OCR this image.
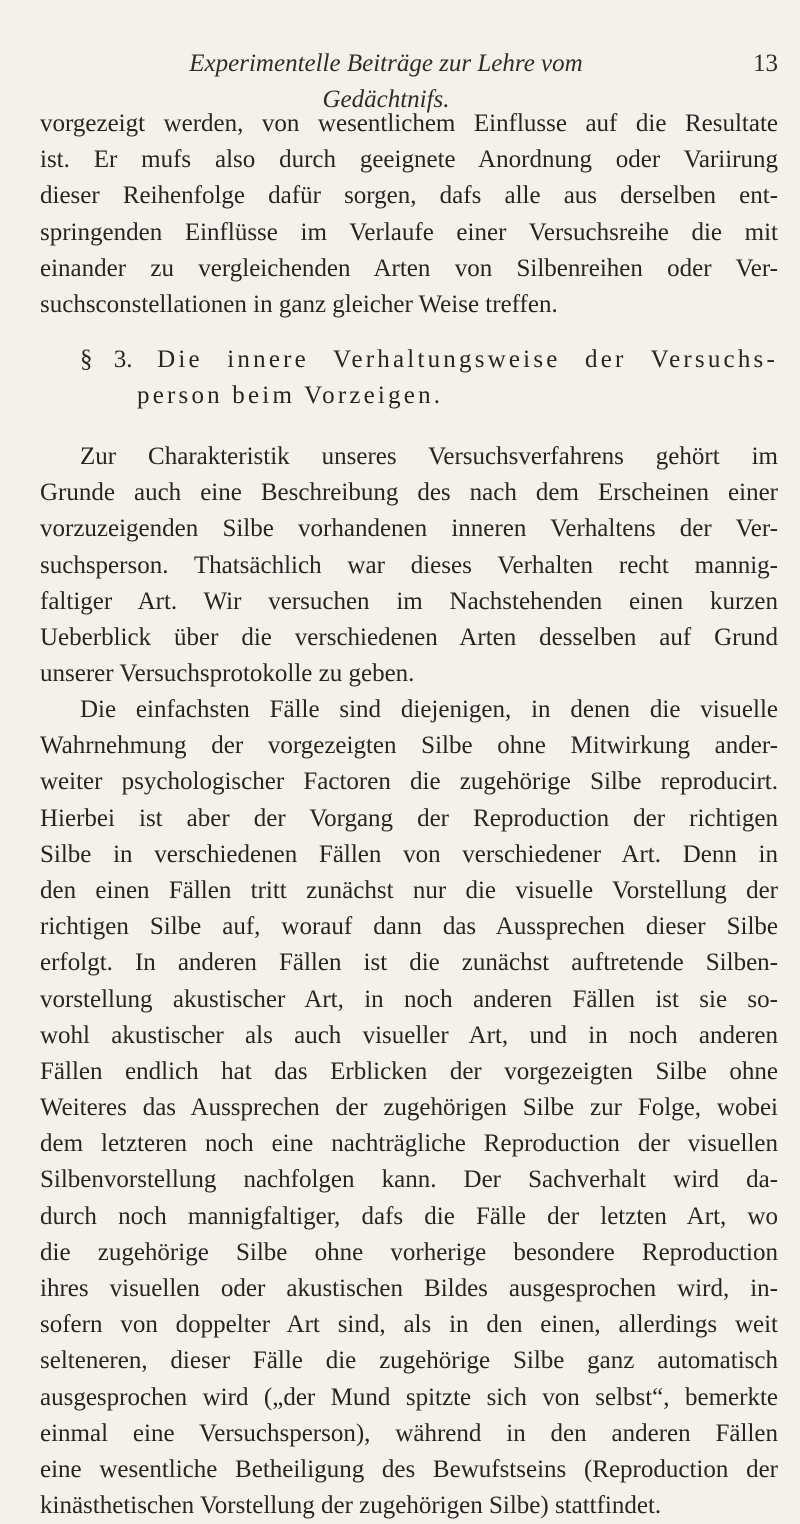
Experimentelle Beiträge zur Lehre vom Gedächtnifs.
13
vorgezeigt werden, von wesentlichem Einflusse auf die Resultate
ist. Er mufs also durch geeignete Anordnung oder Variirung
dieser Reihenfolge dafür sorgen, dafs alle aus derselben ent-
springenden Einflüsse im Verlaufe einer Versuchsreihe die mit
einander zu vergleichenden Arten von Silbenreihen oder Ver-
suchsconstellationen in ganz gleicher Weise treffen.
§ 3. Die innere Verhaltungsweise der Versuchs-
person beim Vorzeigen.
Zur Charakteristik unseres Versuchsverfahrens gehört im
Grunde auch eine Beschreibung des nach dem Erscheinen einer
vorzuzeigenden Silbe vorhandenen inneren Verhaltens der Ver-
suchsperson. Thatsächlich war dieses Verhalten recht mannig-
faltiger Art. Wir versuchen im Nachstehenden einen kurzen
Ueberblick über die verschiedenen Arten desselben auf Grund
unserer Versuchsprotokolle zu geben.
Die einfachsten Fälle sind diejenigen, in denen die visuelle
Wahrnehmung der vorgezeigten Silbe ohne Mitwirkung ander-
weiter psychologischer Factoren die zugehörige Silbe reproducirt.
Hierbei ist aber der Vorgang der Reproduction der richtigen
Silbe in verschiedenen Fällen von verschiedener Art. Denn in
den einen Fällen tritt zunächst nur die visuelle Vorstellung der
richtigen Silbe auf, worauf dann das Aussprechen dieser Silbe
erfolgt. In anderen Fällen ist die zunächst auftretende Silben-
vorstellung akustischer Art, in noch anderen Fällen ist sie so-
wohl akustischer als auch visueller Art, und in noch anderen
Fällen endlich hat das Erblicken der vorgezeigten Silbe ohne
Weiteres das Aussprechen der zugehörigen Silbe zur Folge, wobei
dem letzteren noch eine nachträgliche Reproduction der visuellen
Silbenvorstellung nachfolgen kann. Der Sachverhalt wird da-
durch noch mannigfaltiger, dafs die Fälle der letzten Art, wo
die zugehörige Silbe ohne vorherige besondere Reproduction
ihres visuellen oder akustischen Bildes ausgesprochen wird, in-
sofern von doppelter Art sind, als in den einen, allerdings weit
selteneren, dieser Fälle die zugehörige Silbe ganz automatisch
ausgesprochen wird („der Mund spitzte sich von selbst“, bemerkte
einmal eine Versuchsperson), während in den anderen Fällen
eine wesentliche Betheiligung des Bewufstseins (Reproduction der
kinästhetischen Vorstellung der zugehörigen Silbe) stattfindet.
